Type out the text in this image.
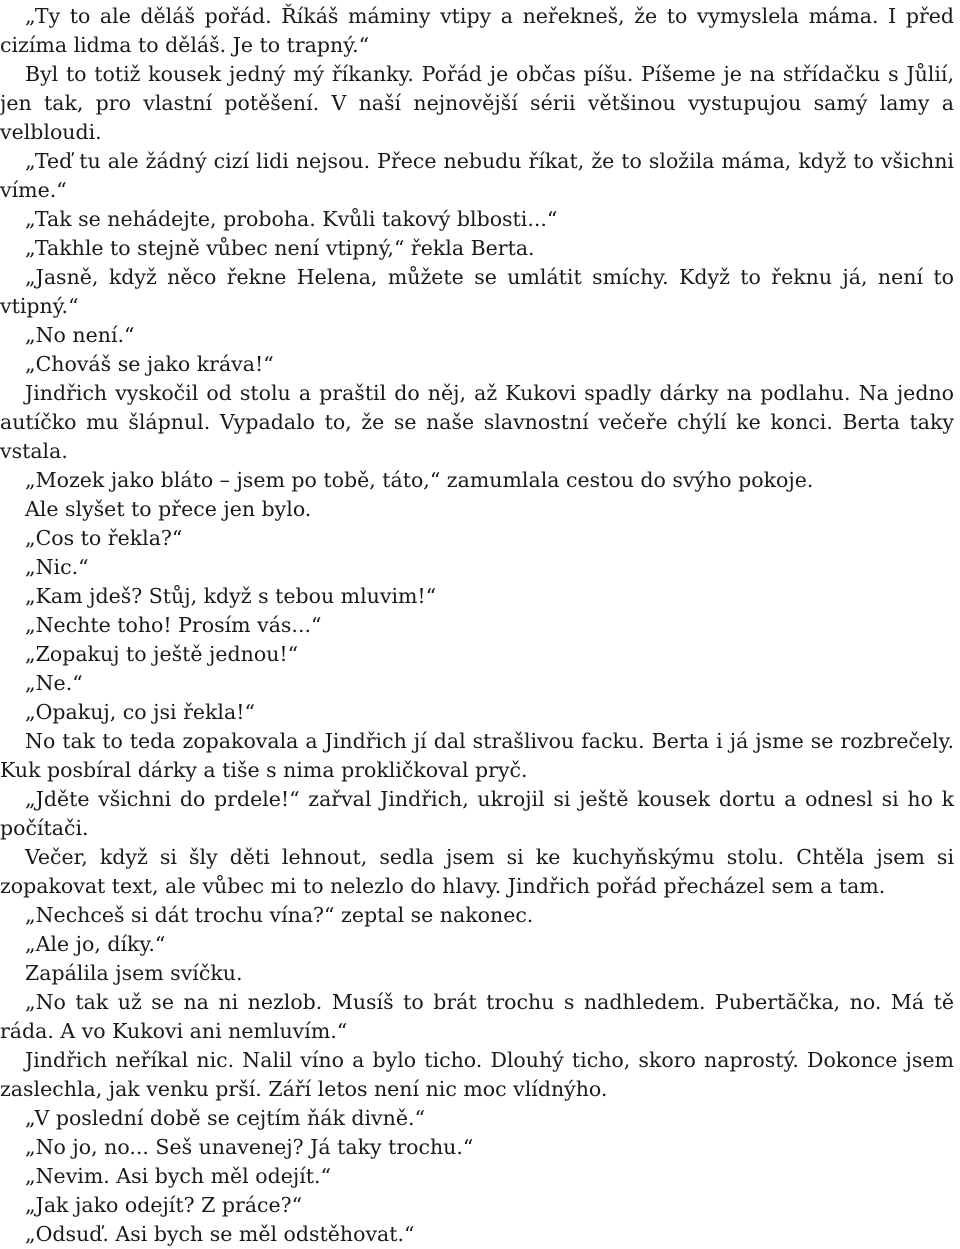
„Ty to ale děláš pořád. Říkáš máminy vtipy a neřekneš, že to vymyslela máma. I před cizíma lidma to děláš. Je to trapný.“

Byl to totiž kousek jedný mý říkanky. Pořád je občas píšu. Píšeme je na střídačku s Jůlií, jen tak, pro vlastní potěšení. V naší nejnovější sérii většinou vystupujou samý lamy a velbloudi.

„Teď tu ale žádný cizí lidi nejsou. Přece nebudu říkat, že to složila máma, když to všichni víme.“

„Tak se nehádejte, proboha. Kvůli takový blbosti...“

„Takhle to stejně vůbec není vtipný,“ řekla Berta.

„Jasně, když něco řekne Helena, můžete se umlátit smíchy. Když to řeknu já, není to vtipný.“

„No není.“

„Chováš se jako kráva!“

Jindřich vyskočil od stolu a praštil do něj, až Kukovi spadly dárky na podlahu. Na jedno autíčko mu šlápnul. Vypadalo to, že se naše slavnostní večeře chýlí ke konci. Berta taky vstala.

„Mozek jako bláto – jsem po tobě, táto,“ zamumlala cestou do svýho pokoje.

Ale slyšet to přece jen bylo.

„Cos to řekla?“

„Nic.“

„Kam jdeš? Stůj, když s tebou mluvim!“

„Nechte toho! Prosím vás...“

„Zopakuj to ještě jednou!“

„Ne.“

„Opakuj, co jsi řekla!“

No tak to teda zopakovala a Jindřich jí dal strašlivou facku. Berta i já jsme se rozbrečely. Kuk posbíral dárky a tiše s nima prokličkoval pryč.

„Jděte všichni do prdele!“ zařval Jindřich, ukrojil si ještě kousek dortu a odnesl si ho k počítači.

Večer, když si šly děti lehnout, sedla jsem si ke kuchyňskýmu stolu. Chtěla jsem si zopakovat text, ale vůbec mi to nelezlo do hlavy. Jindřich pořád přecházel sem a tam.

„Nechceš si dát trochu vína?“ zeptal se nakonec.

„Ale jo, díky.“

Zapálila jsem svíčku.

„No tak už se na ni nezlob. Musíš to brát trochu s nadhledem. Pubertăčka, no. Má tě ráda. A vo Kukovi ani nemluvím.“

Jindřich neříkal nic. Nalil víno a bylo ticho. Dlouhý ticho, skoro naprostý. Dokonce jsem zaslechla, jak venku prší. Září letos není nic moc vlídnýho.

„V poslední době se cejtím ňák divně.“

„No jo, no... Seš unavenej? Já taky trochu.“

„Nevim. Asi bych měl odejít.“

„Jak jako odejít? Z práce?“

„Odsuď. Asi bych se měl odstěhovat.“
